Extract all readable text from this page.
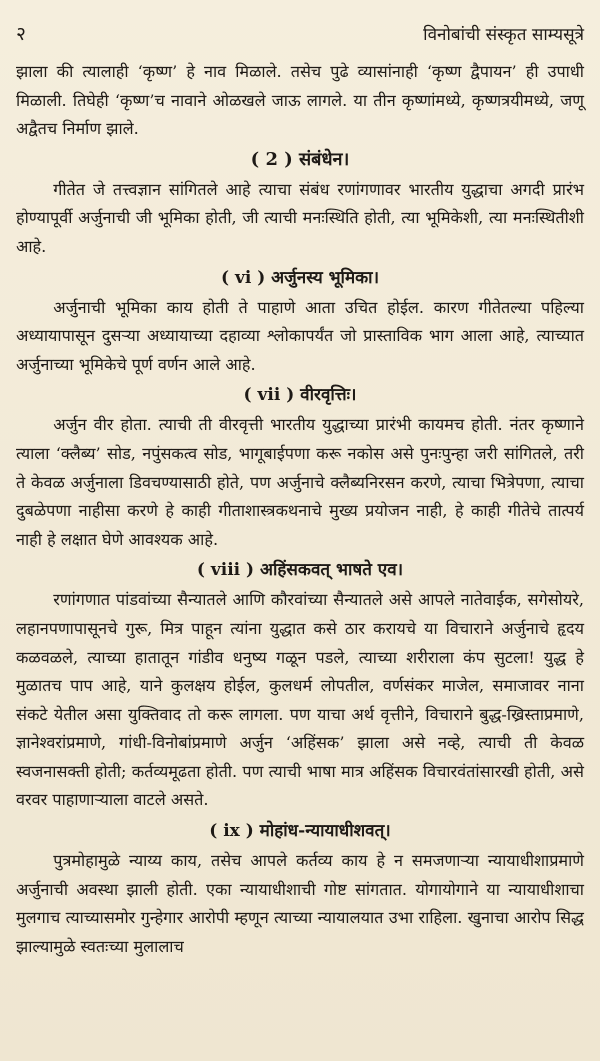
२	विनोबांची संस्कृत साम्यसूत्रे

झाला की त्यालाही ‘कृष्ण’ हे नाव मिळाले. तसेच पुढे व्यासांनाही ‘कृष्ण द्वैपायन’ ही उपाधी मिळाली. तिघेही ‘कृष्ण’च नावाने ओळखले जाऊ लागले. या तीन कृष्णांमध्ये, कृष्णत्रयीमध्ये, जणू अद्वैतच निर्माण झाले.

( 2 ) संबंधेन।

गीतेत जे तत्त्वज्ञान सांगितले आहे त्याचा संबंध रणांगणावर भारतीय युद्धाचा अगदी प्रारंभ होण्यापूर्वी अर्जुनाची जी भूमिका होती, जी त्याची मनःस्थिति होती, त्या भूमिकेशी, त्या मनःस्थितीशी आहे.

( vi ) अर्जुनस्य भूमिका।

अर्जुनाची भूमिका काय होती ते पाहाणे आता उचित होईल. कारण गीतेतल्या पहिल्या अध्यायापासून दुसऱ्या अध्यायाच्या दहाव्या श्लोकापर्यंत जो प्रास्ताविक भाग आला आहे, त्याच्यात अर्जुनाच्या भूमिकेचे पूर्ण वर्णन आले आहे.

( vii ) वीरवृत्तिः।

अर्जुन वीर होता. त्याची ती वीरवृत्ती भारतीय युद्धाच्या प्रारंभी कायमच होती. नंतर कृष्णाने त्याला ‘क्लैब्य’ सोड, नपुंसकत्व सोड, भागूबाईपणा करू नकोस असे पुनःपुन्हा जरी सांगितले, तरी ते केवळ अर्जुनाला डिवचण्यासाठी होते, पण अर्जुनाचे क्लैब्यनिरसन करणे, त्याचा भित्रेपणा, त्याचा दुबळेपणा नाहीसा करणे हे काही गीताशास्त्रकथनाचे मुख्य प्रयोजन नाही, हे काही गीतेचे तात्पर्य नाही हे लक्षात घेणे आवश्यक आहे.

( viii ) अहिंसकवत् भाषते एव।

रणांगणात पांडवांच्या सैन्यातले आणि कौरवांच्या सैन्यातले असे आपले नातेवाईक, सगेसोयरे, लहानपणापासूनचे गुरू, मित्र पाहून त्यांना युद्धात कसे ठार करायचे या विचाराने अर्जुनाचे हृदय कळवळले, त्याच्या हातातून गांडीव धनुष्य गळून पडले, त्याच्या शरीराला कंप सुटला! युद्ध हे मुळातच पाप आहे, याने कुलक्षय होईल, कुलधर्म लोपतील, वर्णसंकर माजेल, समाजावर नाना संकटे येतील असा युक्तिवाद तो करू लागला. पण याचा अर्थ वृत्तीने, विचाराने बुद्ध-ख्रिस्ताप्रमाणे, ज्ञानेश्वरांप्रमाणे, गांधी-विनोबांप्रमाणे अर्जुन ‘अहिंसक’ झाला असे नव्हे, त्याची ती केवळ स्वजनासक्ती होती; कर्तव्यमूढता होती. पण त्याची भाषा मात्र अहिंसक विचारवंतांसारखी होती, असे वरवर पाहाणाऱ्याला वाटले असते.

( ix ) मोहांध-न्यायाधीशवत्।

पुत्रमोहामुळे न्याय्य काय, तसेच आपले कर्तव्य काय हे न समजणाऱ्या न्यायाधीशाप्रमाणे अर्जुनाची अवस्था झाली होती. एका न्यायाधीशाची गोष्ट सांगतात. योगायोगाने या न्यायाधीशाचा मुलगाच त्याच्यासमोर गुन्हेगार आरोपी म्हणून त्याच्या न्यायालयात उभा राहिला. खुनाचा आरोप सिद्ध झाल्यामुळे स्वतःच्या मुलालाच
